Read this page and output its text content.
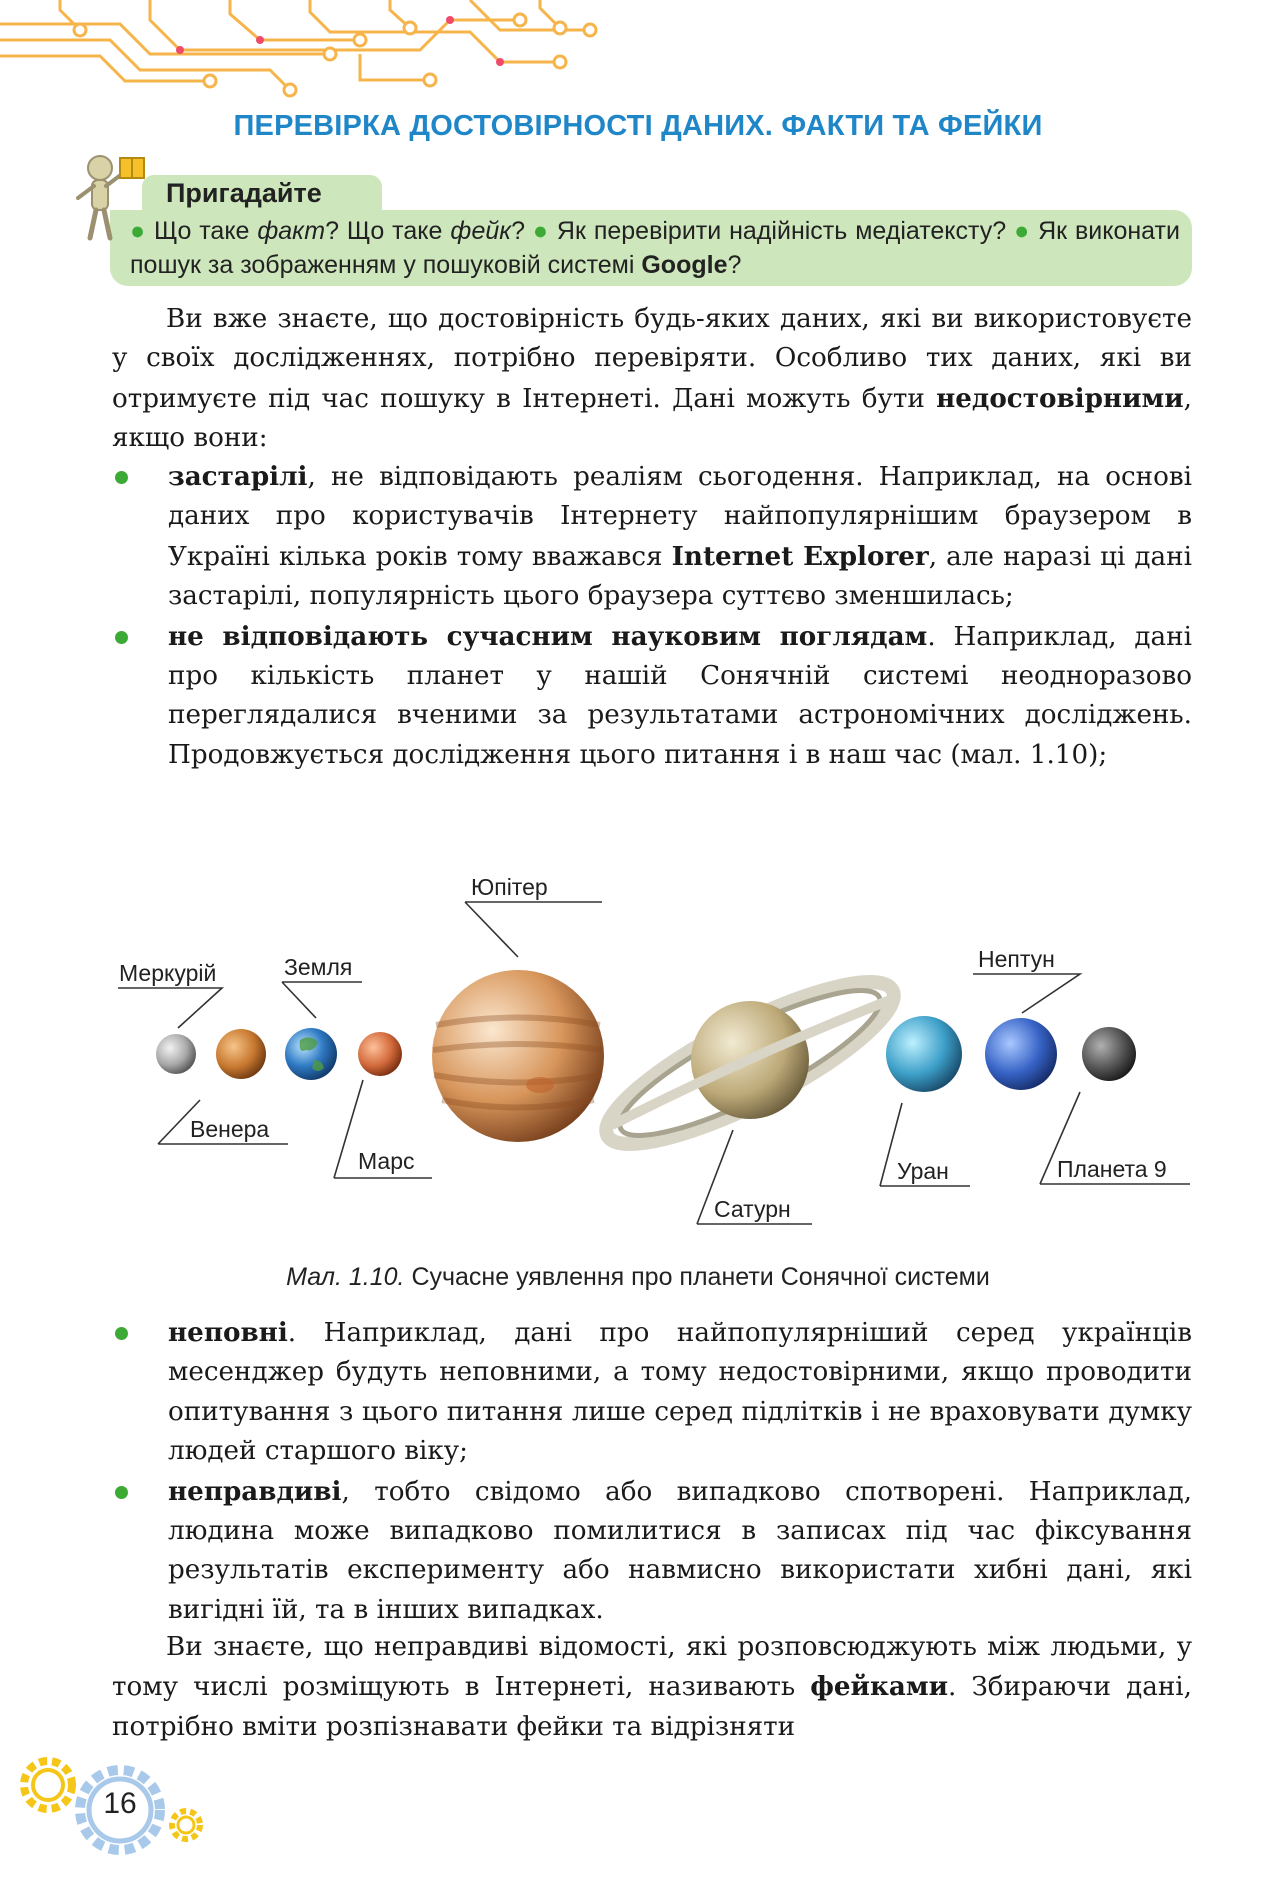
ПЕРЕВІРКА ДОСТОВІРНОСТІ ДАНИХ. ФАКТИ ТА ФЕЙКИ
Пригадайте
● Що таке факт? Що таке фейк? ● Як перевірити надійність медіатексту? ● Як виконати пошук за зображенням у пошуковій системі Google?
Ви вже знаєте, що достовірність будь-яких даних, які ви використовуєте у своїх дослідженнях, потрібно перевіряти. Особливо тих даних, які ви отримуєте під час пошуку в Інтернеті. Дані можуть бути недостовірними, якщо вони:
застарілі, не відповідають реаліям сьогодення. Наприклад, на основі даних про користувачів Інтернету найпопулярнішим браузером в Україні кілька років тому вважався Internet Explorer, але наразі ці дані застарілі, популярність цього браузера суттєво зменшилась;
не відповідають сучасним науковим поглядам. Наприклад, дані про кількість планет у нашій Сонячній системі неодноразово переглядалися вченими за результатами астрономічних досліджень. Продовжується дослідження цього питання і в наш час (мал. 1.10);
Меркурій	Земля
Юпітер
Нептун
Венера
Марс
Сатурн
Уран	Планета 9
Мал. 1.10. Сучасне уявлення про планети Сонячної системи
неповні. Наприклад, дані про найпопулярніший серед українців месенджер будуть неповними, а тому недостовірними, якщо проводити опитування з цього питання лише серед підлітків і не враховувати думку людей старшого віку;
неправдиві, тобто свідомо або випадково спотворені. Наприклад, людина може випадково помилитися в записах під час фіксування результатів експерименту або навмисно використати хибні дані, які вигідні їй, та в інших випадках.
Ви знаєте, що неправдиві відомості, які розповсюджують між людьми, у тому числі розміщують в Інтернеті, називають фейками. Збираючи дані, потрібно вміти розпізнавати фейки та відрізняти
16
